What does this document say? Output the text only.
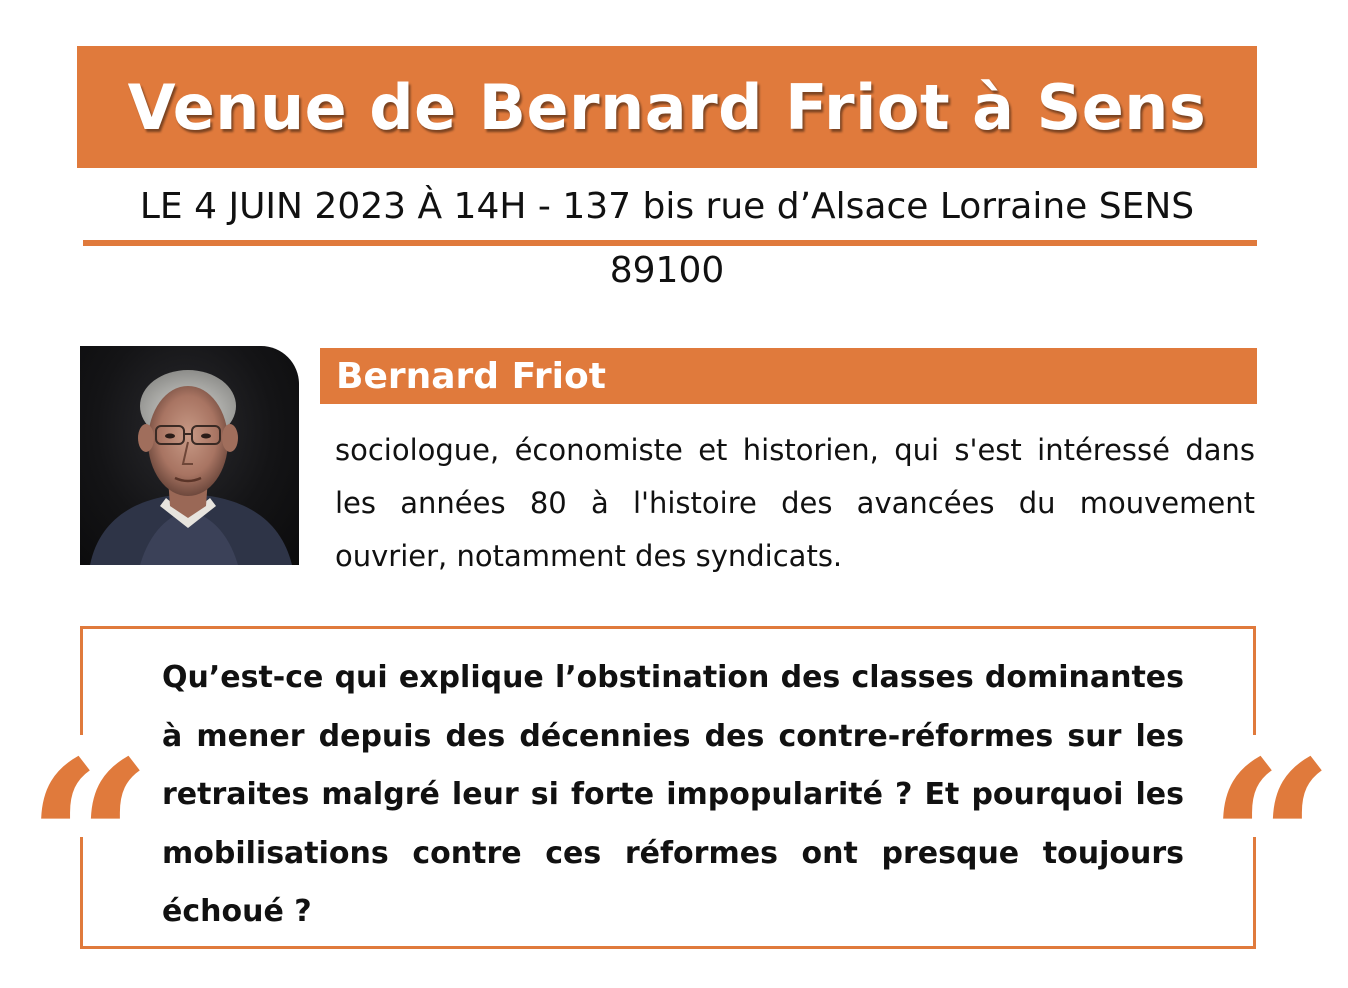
Venue de Bernard Friot à Sens
LE 4 JUIN 2023 À 14H - 137 bis rue d’Alsace Lorraine SENS
89100
Bernard Friot
sociologue, économiste et historien, qui s'est intéressé dans les années 80 à l'histoire des avancées du mouvement ouvrier, notamment des syndicats.
“	“
Qu’est-ce qui explique l’obstination des classes dominantes à mener depuis des décennies des contre-réformes sur les retraites malgré leur si forte impopularité ? Et pourquoi les mobilisations contre ces réformes ont presque toujours échoué ?
